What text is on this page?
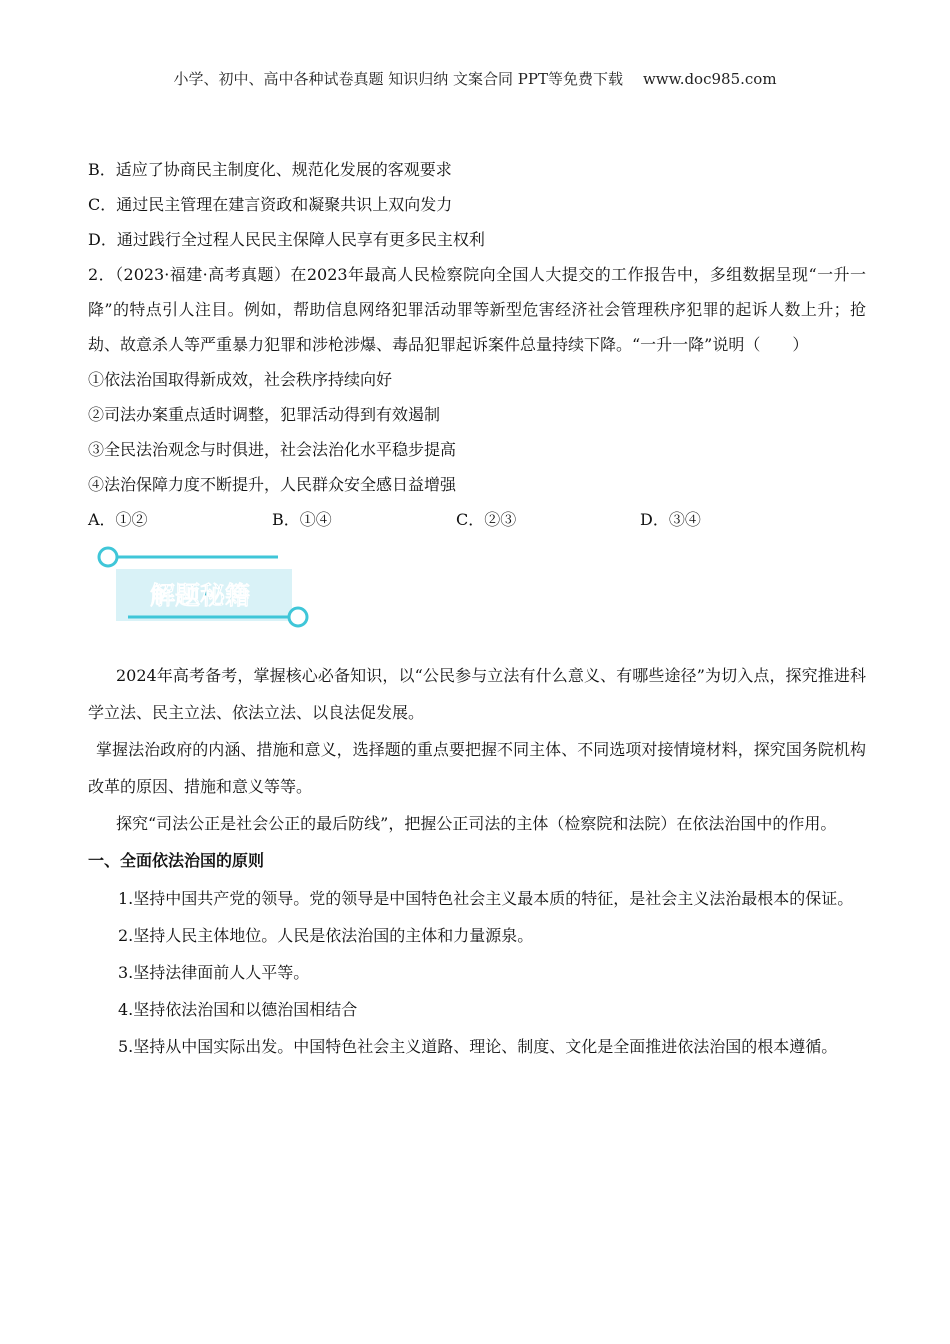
小学、初中、高中各种试卷真题 知识归纳 文案合同 PPT等免费下载 www.doc985.com
B．适应了协商民主制度化、规范化发展的客观要求
C．通过民主管理在建言资政和凝聚共识上双向发力
D．通过践行全过程人民民主保障人民享有更多民主权利
2．（2023·福建·高考真题）在2023年最高人民检察院向全国人大提交的工作报告中，多组数据呈现“一升一降”的特点引人注目。例如，帮助信息网络犯罪活动罪等新型危害经济社会管理秩序犯罪的起诉人数上升；抢劫、故意杀人等严重暴力犯罪和涉枪涉爆、毒品犯罪起诉案件总量持续下降。“一升一降”说明（　　）
①依法治国取得新成效，社会秩序持续向好
②司法办案重点适时调整，犯罪活动得到有效遏制
③全民法治观念与时俱进，社会法治化水平稳步提高
④法治保障力度不断提升，人民群众安全感日益增强
A．①②	B．①④	C．②③	D．③④
解题秘籍
2024年高考备考，掌握核心必备知识，以“公民参与立法有什么意义、有哪些途径”为切入点，探究推进科学立法、民主立法、依法立法、以良法促发展。
掌握法治政府的内涵、措施和意义，选择题的重点要把握不同主体、不同选项对接情境材料，探究国务院机构改革的原因、措施和意义等等。
探究“司法公正是社会公正的最后防线”，把握公正司法的主体（检察院和法院）在依法治国中的作用。
一、全面依法治国的原则
1.坚持中国共产党的领导。党的领导是中国特色社会主义最本质的特征，是社会主义法治最根本的保证。
2.坚持人民主体地位。人民是依法治国的主体和力量源泉。
3.坚持法律面前人人平等。
4.坚持依法治国和以德治国相结合
5.坚持从中国实际出发。中国特色社会主义道路、理论、制度、文化是全面推进依法治国的根本遵循。
